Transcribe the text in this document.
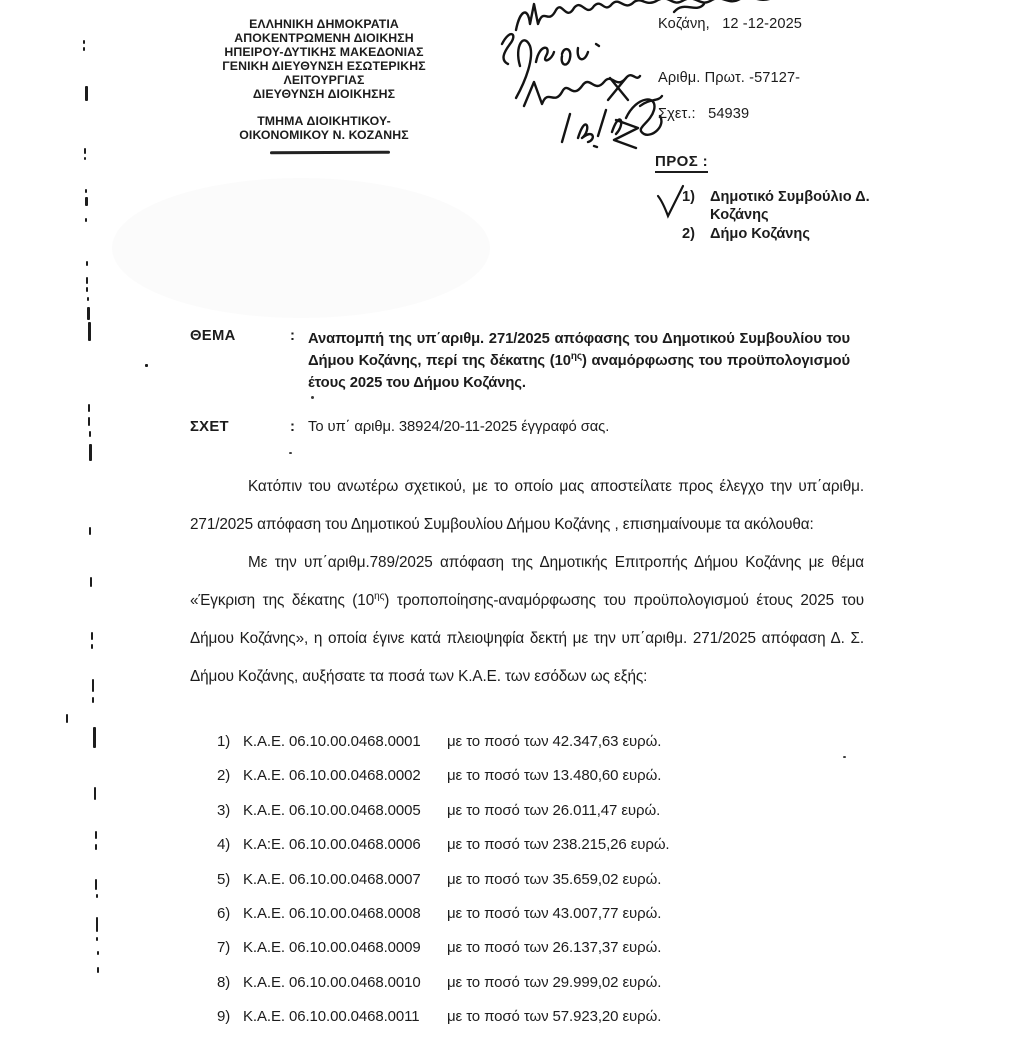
ΕΛΛΗΝΙΚΗ ΔΗΜΟΚΡΑΤΙΑ
ΑΠΟΚΕΝΤΡΩΜΕΝΗ ΔΙΟΙΚΗΣΗ
ΗΠΕΙΡΟΥ-ΔΥΤΙΚΗΣ ΜΑΚΕΔΟΝΙΑΣ
ΓΕΝΙΚΗ ΔΙΕΥΘΥΝΣΗ ΕΣΩΤΕΡΙΚΗΣ
ΛΕΙΤΟΥΡΓΙΑΣ
ΔΙΕΥΘΥΝΣΗ ΔΙΟΙΚΗΣΗΣ
ΤΜΗΜΑ ΔΙΟΙΚΗΤΙΚΟΥ-
ΟΙΚΟΝΟΜΙΚΟΥ Ν. ΚΟΖΑΝΗΣ
Κοζάνη,   12 -12-2025
Αριθμ. Πρωτ. -57127-
Σχετ.:   54939
ΠΡΟΣ :
1)	Δημοτικό Συμβούλιο Δ. Κοζάνης
2)	Δήμο Κοζάνης
ΘΕΜΑ	: Αναπομπή της υπ΄αριθμ. 271/2025 απόφασης του Δημοτικού Συμβουλίου του Δήμου Κοζάνης, περί της δέκατης $(10^{\eta\varsigma})$ αναμόρφωσης του προϋπολογισμού έτους 2025 του Δήμου Κοζάνης.
ΣΧΕΤ	: Το υπ΄ αριθμ. 38924/20-11-2025 έγγραφό σας.

Κατόπιν του ανωτέρω σχετικού, με το οποίο μας αποστείλατε προς έλεγχο την υπ΄αριθμ. 271/2025 απόφαση του Δημοτικού Συμβουλίου Δήμου Κοζάνης , επισημαίνουμε τα ακόλουθα:

Με την υπ΄αριθμ.789/2025 απόφαση της Δημοτικής Επιτροπής Δήμου Κοζάνης με θέμα «Έγκριση της δέκατης $(10^{\eta\varsigma})$ τροποποίησης-αναμόρφωσης του προϋπολογισμού έτους 2025 του Δήμου Κοζάνης», η οποία έγινε κατά πλειοψηφία δεκτή με την υπ΄αριθμ. 271/2025 απόφαση Δ. Σ. Δήμου Κοζάνης, αυξήσατε τα ποσά των Κ.Α.Ε. των εσόδων ως εξής:

1) Κ.Α.Ε. 06.10.00.0468.0001	με το ποσό των 42.347,63 ευρώ.
2) Κ.Α.Ε. 06.10.00.0468.0002	με το ποσό των 13.480,60 ευρώ.
3) Κ.Α.Ε. 06.10.00.0468.0005	με το ποσό των 26.011,47 ευρώ.
4) Κ.Α:Ε. 06.10.00.0468.0006	με το ποσό των 238.215,26 ευρώ.
5) Κ.Α.Ε. 06.10.00.0468.0007	με το ποσό των 35.659,02 ευρώ.
6) Κ.Α.Ε. 06.10.00.0468.0008	με το ποσό των 43.007,77 ευρώ.
7) Κ.Α.Ε. 06.10.00.0468.0009	με το ποσό των 26.137,37 ευρώ.
8) Κ.Α.Ε. 06.10.00.0468.0010	με το ποσό των 29.999,02 ευρώ.
9) Κ.Α.Ε. 06.10.00.0468.0011	με το ποσό των 57.923,20 ευρώ.
